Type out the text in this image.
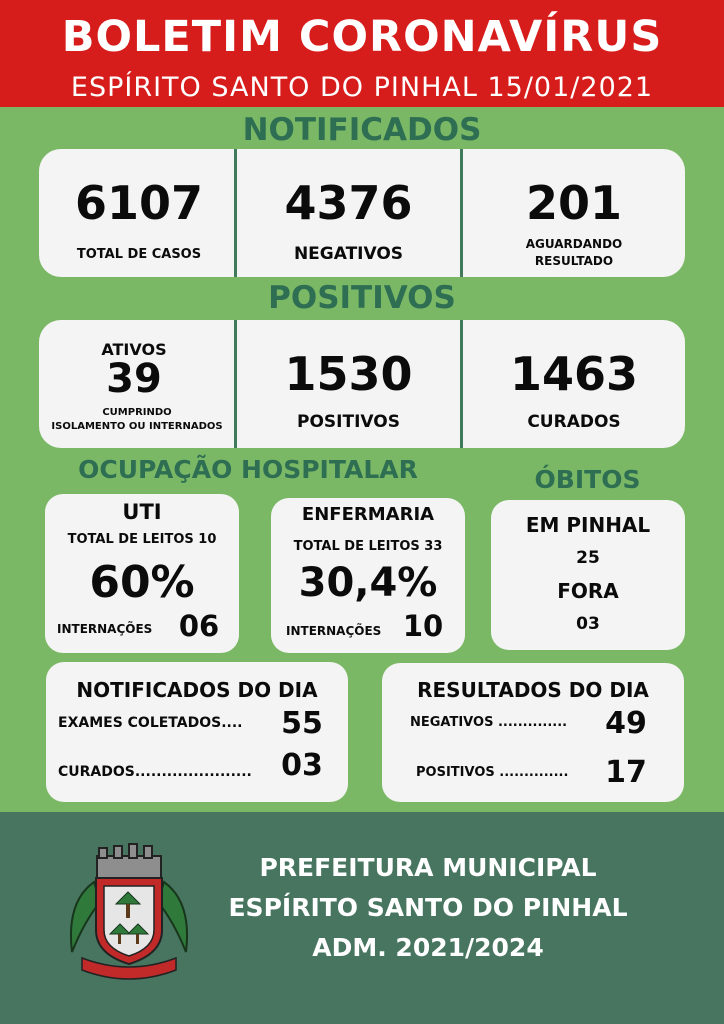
BOLETIM CORONAVÍRUS
ESPÍRITO SANTO DO PINHAL 15/01/2021
NOTIFICADOS
6107
TOTAL DE CASOS
4376
NEGATIVOS
201
AGUARDANDO
RESULTADO
POSITIVOS
ATIVOS
39
CUMPRINDO
ISOLAMENTO OU INTERNADOS
1530
POSITIVOS
1463
CURADOS
OCUPAÇÃO HOSPITALAR	ÓBITOS
UTI
TOTAL DE LEITOS 10
60%
INTERNAÇÕES 06
ENFERMARIA
TOTAL DE LEITOS 33
30,4%
INTERNAÇÕES 10
EM PINHAL
25
FORA
03
NOTIFICADOS DO DIA
EXAMES COLETADOS....	55
CURADOS...................... 03
RESULTADOS DO DIA
NEGATIVOS ..............	49
POSITIVOS ..............	17
PREFEITURA MUNICIPAL
ESPÍRITO SANTO DO PINHAL
ADM. 2021/2024
